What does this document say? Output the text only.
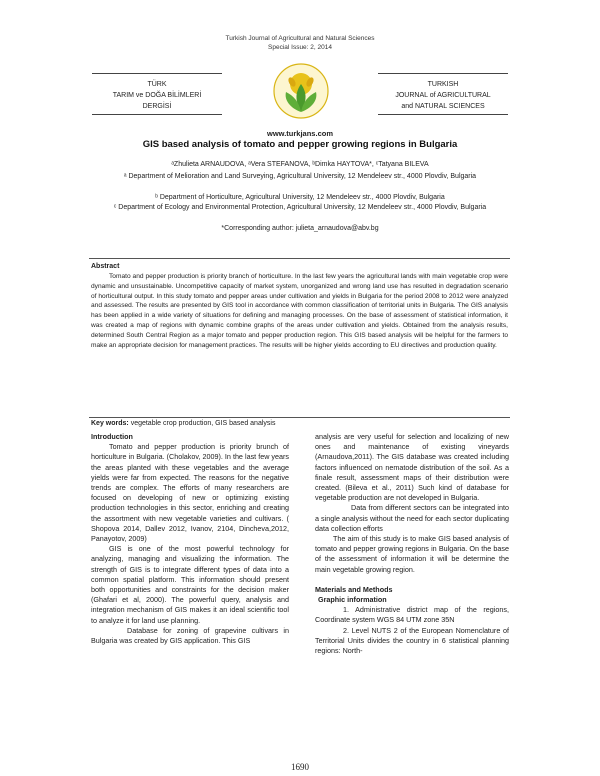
Turkish Journal of Agricultural and Natural Sciences
Special Issue: 2, 2014
TÜRK
TARIM ve DOĞA BİLİMLERİ
DERGİSİ
TURKISH
JOURNAL of AGRICULTURAL
and NATURAL SCIENCES
www.turkjans.com
GIS based analysis of tomato and pepper growing regions in Bulgaria
ᵃZhulieta ARNAUDOVA, ᵃVera STEFANOVA, ᵇDimka HAYTOVA*, ᶜTatyana BILEVA
ᵃ Department of Melioration and Land Surveying, Agricultural University, 12 Mendeleev str., 4000 Plovdiv, Bulgaria
ᵇ Department of Horticulture, Agricultural University, 12 Mendeleev str., 4000 Plovdiv, Bulgaria
ᶜ Department of Ecology and Environmental Protection, Agricultural University, 12 Mendeleev str., 4000 Plovdiv, Bulgaria
*Corresponding author: julieta_arnaudova@abv.bg
Abstract
Tomato and pepper production is priority branch of horticulture. In the last few years the agricultural lands with main vegetable crop were dynamic and unsustainable. Uncompetitive capacity of market system, unorganized and wrong land use has resulted in degradation scenario of horticultural output. In this study tomato and pepper areas under cultivation and yields in Bulgaria for the period 2008 to 2012 were analyzed and assessed. The results are presented by GIS tool in accordance with common classification of territorial units in Bulgaria. The GIS analysis has been applied in a wide variety of situations for defining and managing processes. On the base of assessment of statistical information, it was created a map of regions with dynamic combine graphs of the areas under cultivation and yields. Obtained from the analysis results, determined South Central Region as a major tomato and pepper production region. This GIS based analysis will be helpful for the farmers to make an appropriate decision for management practices. The results will be higher yields according to EU directives and production quality.
Key words: vegetable crop production, GIS based analysis
Introduction

Tomato and pepper production is priority brunch of horticulture in Bulgaria. (Cholakov, 2009). In the last few years the areas planted with these vegetables and the average yields were far from expected. The reasons for the negative trends are complex. The efforts of many researchers are focused on developing of new or optimizing existing production technologies in this sector, enriching and creating the assortment with new vegetable varieties and cultivars. ( Shopova 2014, Dallev 2012, Ivanov, 2104, Dincheva,2012, Panayotov, 2009)

GIS is one of the most powerful technology for analyzing, managing and visualizing the information. The strength of GIS is to integrate different types of data into a common spatial platform. This information should present both opportunities and constraints for the decision maker (Ghafari et al, 2000). The powerful query, analysis and integration mechanism of GIS makes it an ideal scientific tool to analyze it for land use planning.

Database for zoning of grapevine cultivars in Bulgaria was created by GIS application. This GIS

analysis are very useful for selection and localizing of new ones and maintenance of existing vineyards (Arnaudova,2011). The GIS database was created including factors influenced on nematode distribution of the soil. As a finale result, assessment maps of their distribution were created. (Bileva et al., 2011) Such kind of database for vegetable production are not developed in Bulgaria.

Data from different sectors can be integrated into a single analysis without the need for each sector duplicating data collection efforts

The aim of this study is to make GIS based analysis of tomato and pepper growing regions in Bulgaria. On the base of the assessment of information it will be determine the main vegetable growing region.

Materials and Methods
Graphic information

1. Administrative district map of the regions, Coordinate system WGS 84 UTM zone 35N

2. Level NUTS 2 of the European Nomenclature of Territorial Units divides the country in 6 statistical planning regions: North-

1690
